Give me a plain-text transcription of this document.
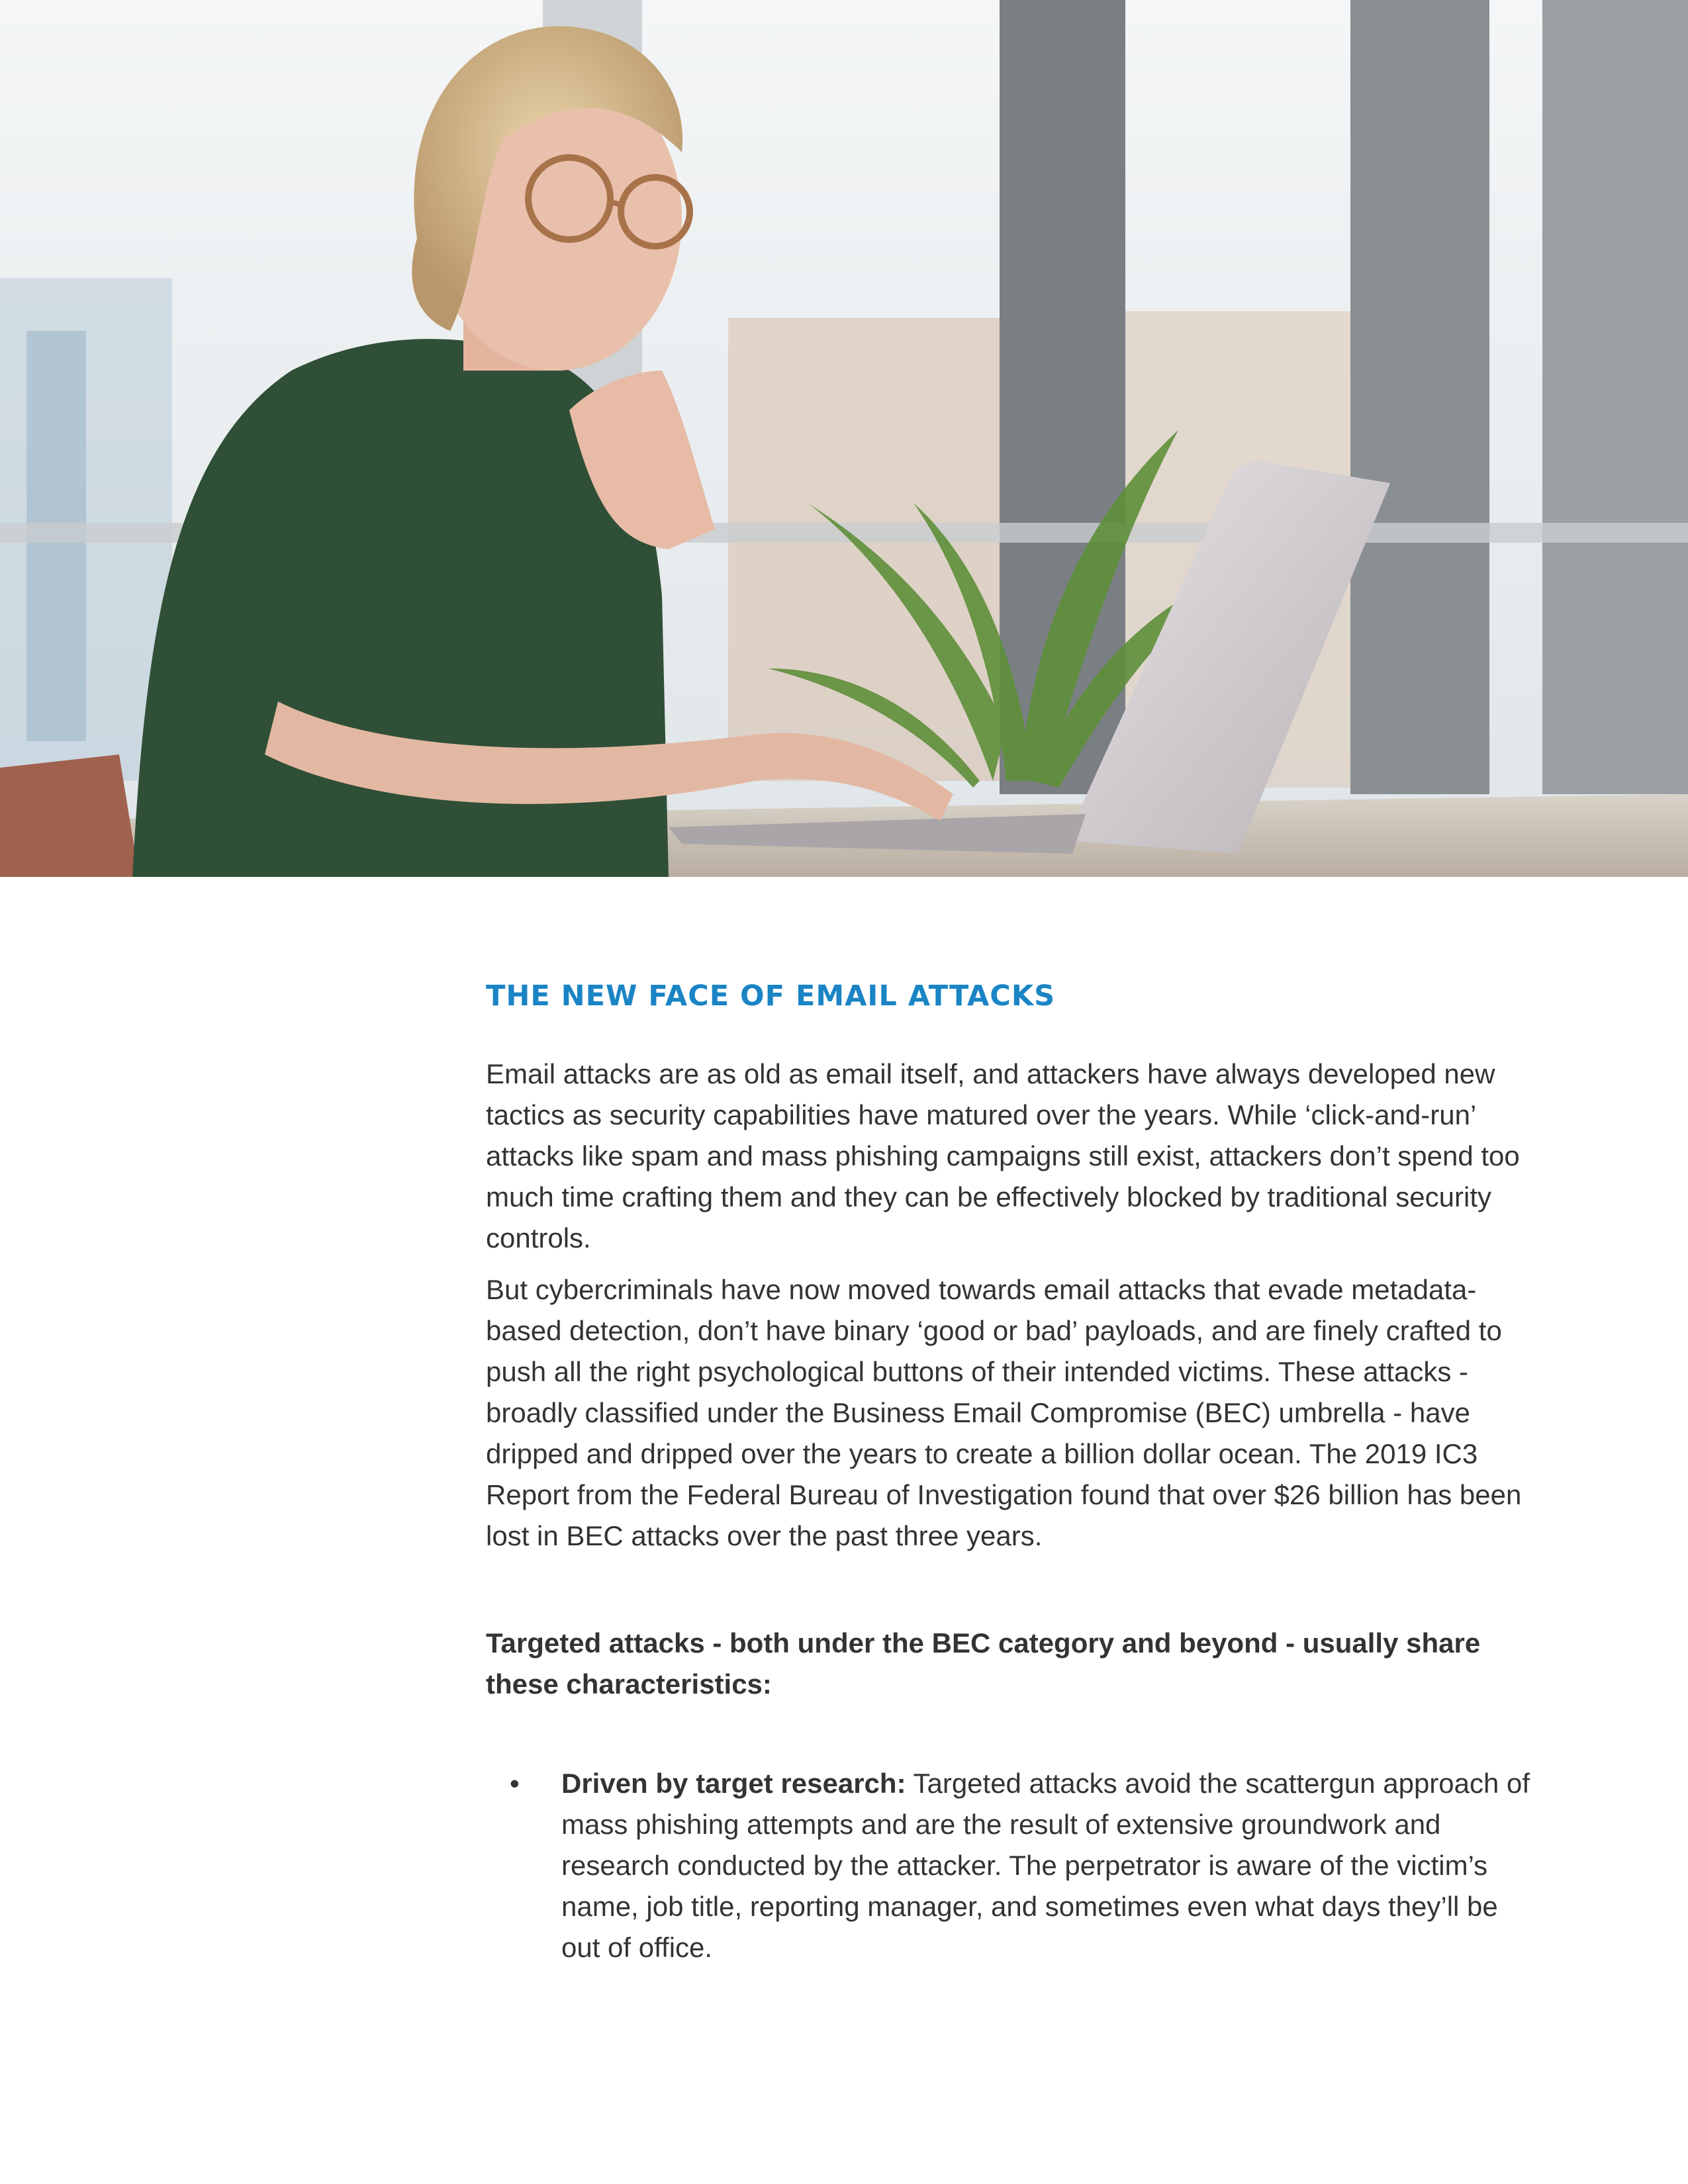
THE NEW FACE OF EMAIL ATTACKS

Email attacks are as old as email itself, and attackers have always developed new tactics as security capabilities have matured over the years. While ‘click-and-run’ attacks like spam and mass phishing campaigns still exist, attackers don’t spend too much time crafting them and they can be effectively blocked by traditional security controls.

But cybercriminals have now moved towards email attacks that evade metadata-based detection, don’t have binary ‘good or bad’ payloads, and are finely crafted to push all the right psychological buttons of their intended victims. These attacks - broadly classified under the Business Email Compromise (BEC) umbrella - have dripped and dripped over the years to create a billion dollar ocean. The 2019 IC3 Report from the Federal Bureau of Investigation found that over $26 billion has been lost in BEC attacks over the past three years.

Targeted attacks - both under the BEC category and beyond - usually share these characteristics:

• Driven by target research: Targeted attacks avoid the scattergun approach of mass phishing attempts and are the result of extensive groundwork and research conducted by the attacker. The perpetrator is aware of the victim’s name, job title, reporting manager, and sometimes even what days they’ll be out of office.
